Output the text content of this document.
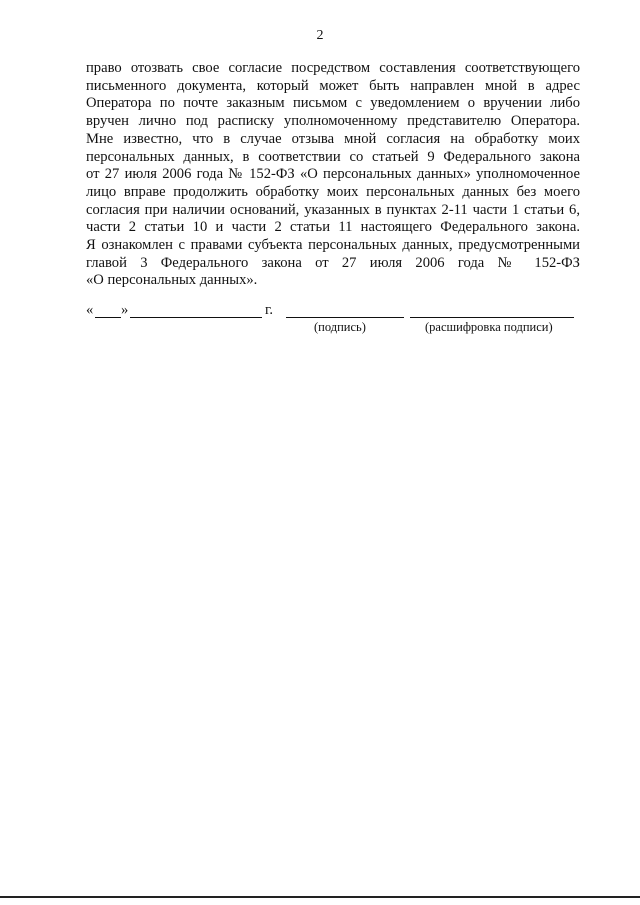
2

право отозвать свое согласие посредством составления соответствующего

письменного документа, который может быть направлен мной в адрес

Оператора по почте заказным письмом с уведомлением о вручении либо

вручен лично под расписку уполномоченному представителю Оператора.

Мне известно, что в случае отзыва мной согласия на обработку моих

персональных данных, в соответствии со статьей 9 Федерального закона

от 27 июля 2006 года № 152-ФЗ «О персональных данных» уполномоченное

лицо вправе продолжить обработку моих персональных данных без моего

согласия при наличии оснований, указанных в пунктах 2-11 части 1 статьи 6,

части 2 статьи 10 и части 2 статьи 11 настоящего Федерального закона.

Я ознакомлен с правами субъекта персональных данных, предусмотренными

главой 3 Федерального закона от 27 июля 2006 года № 152-ФЗ

«О персональных данных».

« »	г.
(подпись)	(расшифровка подписи)
